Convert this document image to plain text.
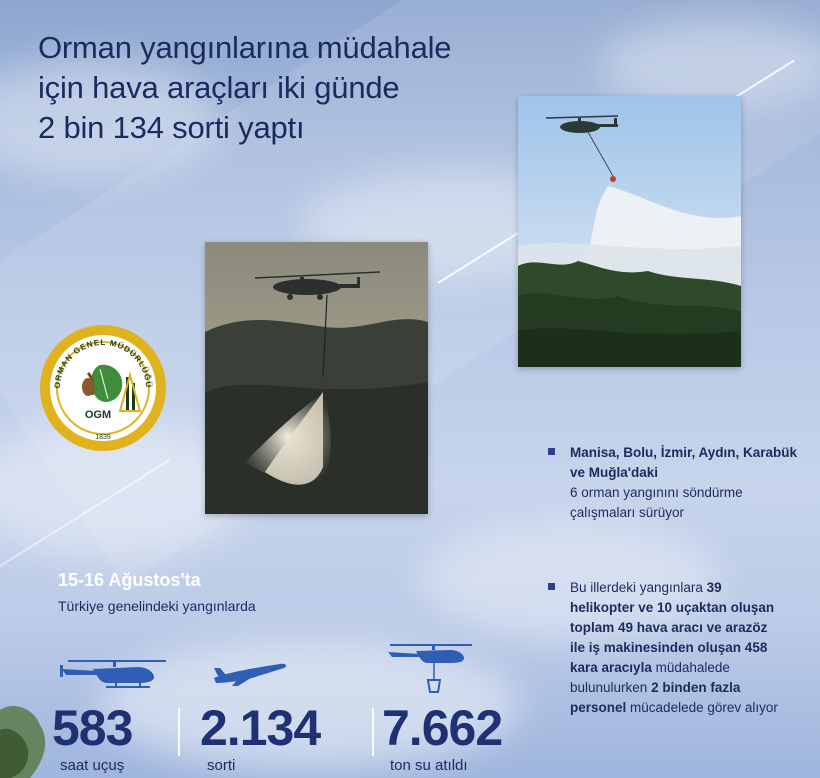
Orman yangınlarına müdahale
için hava araçları iki günde
2 bin 134 sorti yaptı
ORMAN GENEL MÜDÜRLÜĞÜ
OGM
1839
Manisa, Bolu, İzmir, Aydın, Karabük ve Muğla'daki
6 orman yangınını söndürme çalışmaları sürüyor
Bu illerdeki yangınlara 39 helikopter ve 10 uçaktan oluşan toplam 49 hava aracı ve arazöz ile iş makinesinden oluşan 458 kara aracıyla müdahalede bulunulurken 2 binden fazla personel mücadelede görev alıyor

15-16 Ağustos'ta

Türkiye genelindeki yangınlarda

583

saat uçuş

2.134

sorti

7.662

ton su atıldı
